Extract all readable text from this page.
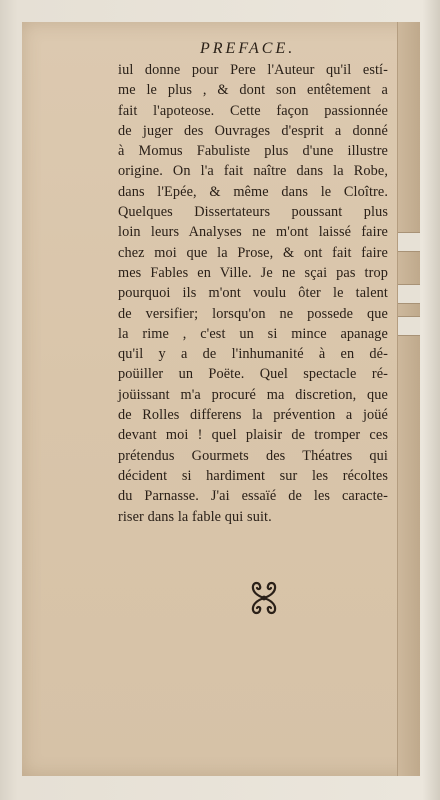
PREFACE.
iul donne pour Pere l'Auteur qu'il estí-
me le plus , & dont son entêtement a
fait l'apoteose. Cette façon passionnée
de juger des Ouvrages d'esprit a donné
à Momus Fabuliste plus d'une illustre
origine. On l'a fait naître dans la Robe,
dans l'Epée, & même dans le Cloître.
Quelques Dissertateurs poussant plus
loin leurs Analyses ne m'ont laissé faire
chez moi que la Prose, & ont fait faire
mes Fables en Ville. Je ne sçai pas trop
pourquoi ils m'ont voulu ôter le talent
de versifier; lorsqu'on ne possede que
la rime , c'est un si mince apanage
qu'il y a de l'inhumanité à en dé-
poüiller un Poëte. Quel spectacle ré-
joüissant m'a procuré ma discretion, que
de Rolles differens la prévention a joüé
devant moi ! quel plaisir de tromper ces
prétendus Gourmets des Théatres qui
décident si hardiment sur les récoltes
du Parnasse. J'ai essaïé de les caracte-
riser dans la fable qui suit.
